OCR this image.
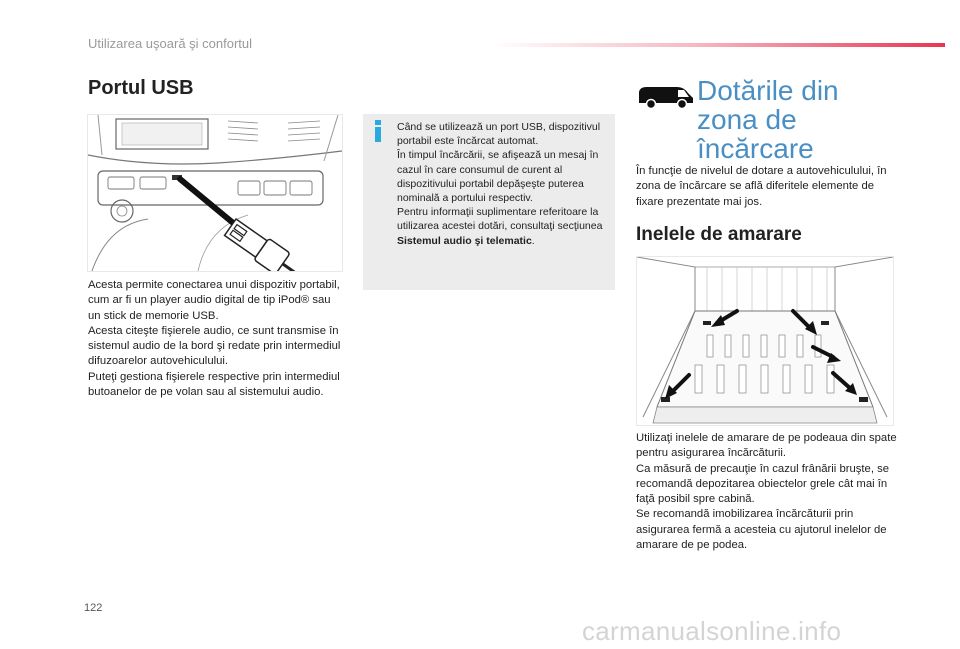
Utilizarea uşoară şi confortul
Portul USB

Acesta permite conectarea unui dispozitiv portabil, cum ar fi un player audio digital de tip iPod® sau un stick de memorie USB.

Acesta citeşte fişierele audio, ce sunt transmise în sistemul audio de la bord şi redate prin intermediul difuzoarelor autovehiculului.

Puteţi gestiona fişierele respective prin intermediul butoanelor de pe volan sau al sistemului audio.

Când se utilizează un port USB, dispozitivul portabil este încărcat automat.

În timpul încărcării, se afişează un mesaj în cazul în care consumul de curent al dispozitivului portabil depăşeşte puterea nominală a portului respectiv.

Pentru informaţii suplimentare referitoare la utilizarea acestei dotări, consultaţi secţiunea Sistemul audio şi telematic.

Dotările din
zona de
încărcare

În funcţie de nivelul de dotare a autovehiculului, în zona de încărcare se află diferitele elemente de fixare prezentate mai jos.

Inelele de amarare

Utilizaţi inelele de amarare de pe podeaua din spate pentru asigurarea încărcăturii.

Ca măsură de precauţie în cazul frânării bruşte, se recomandă depozitarea obiectelor grele cât mai în faţă posibil spre cabină.

Se recomandă imobilizarea încărcăturii prin asigurarea fermă a acesteia cu ajutorul inelelor de amarare de pe podea.

122
carmanualsonline.info
